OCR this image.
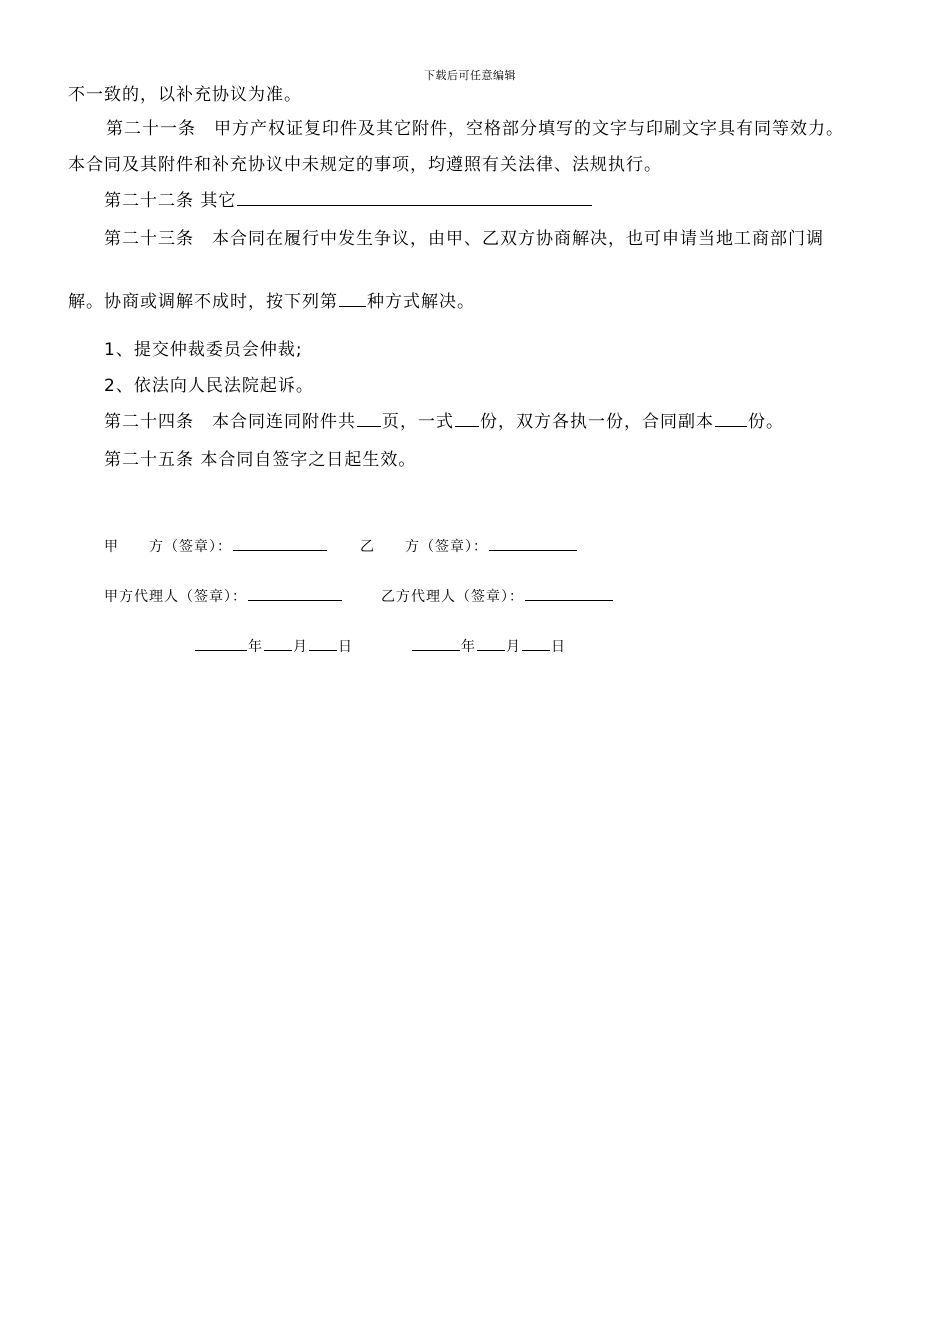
下载后可任意编辑
不一致的，以补充协议为准。
第二十一条　甲方产权证复印件及其它附件，空格部分填写的文字与印刷文字具有同等效力。
本合同及其附件和补充协议中未规定的事项，均遵照有关法律、法规执行。
第二十二条 其它
第二十三条　本合同在履行中发生争议，由甲、乙双方协商解决，也可申请当地工商部门调
解。协商或调解不成时，按下列第 种方式解决。
1、提交仲裁委员会仲裁;
2、依法向人民法院起诉。
第二十四条　本合同连同附件共 页，一式 份，双方各执一份，合同副本 份。
第二十五条 本合同自签字之日起生效。
甲　　方（签章）：	乙　　方（签章）：
甲方代理人（签章）：	乙方代理人（签章）：
年 月 日	年 月 日
